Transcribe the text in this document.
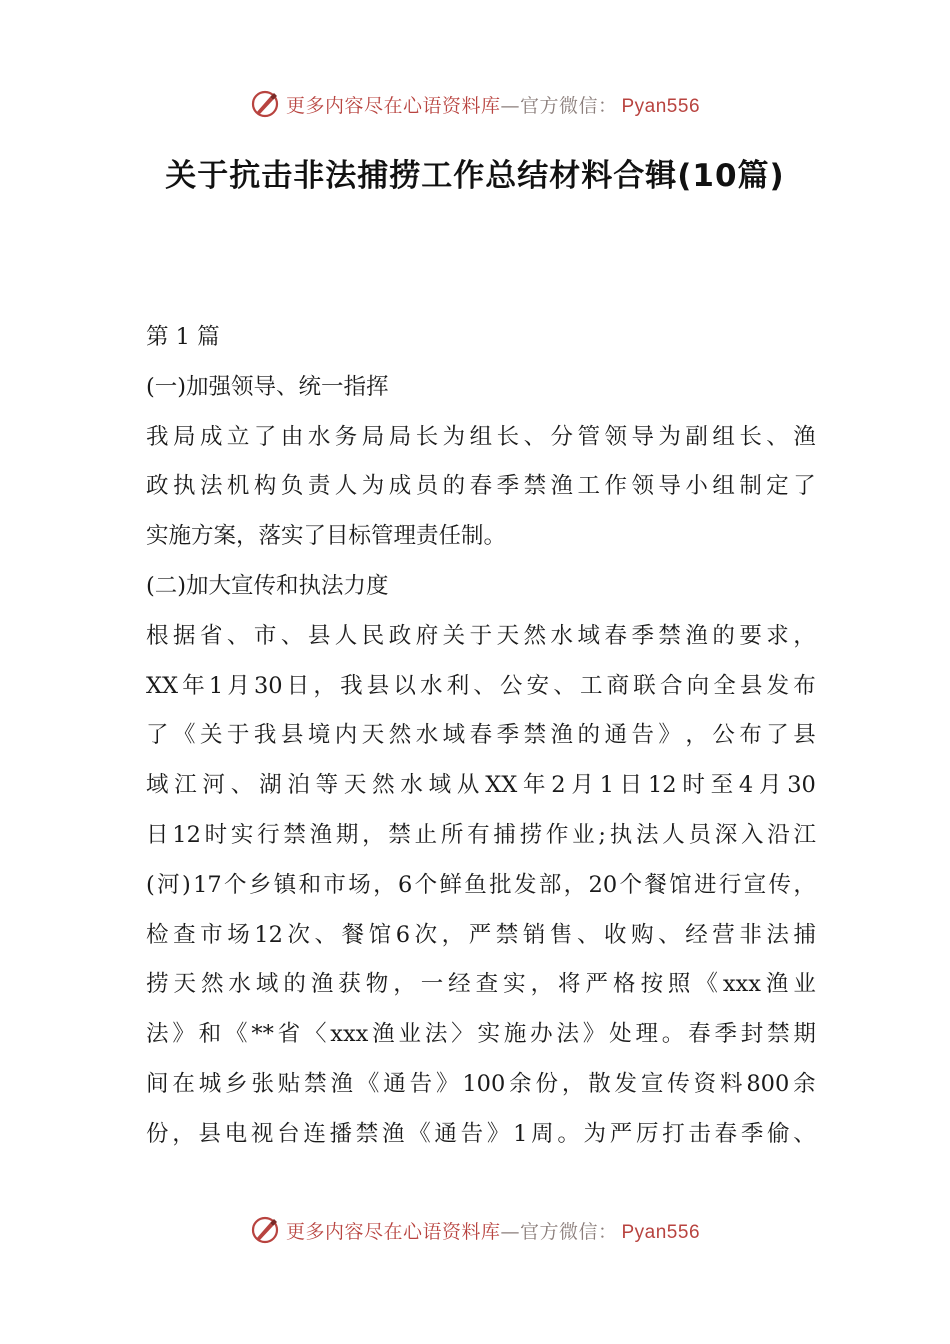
更多内容尽在心语资料库—官方微信： Pyan556
关于抗击非法捕捞工作总结材料合辑(10篇)
第 1 篇
(一)加强领导、统一指挥
我 局 成 立 了 由 水 务 局 局 长 为 组 长 、 分 管 领 导 为 副 组 长 、 渔
政 执 法 机 构 负 责 人 为 成 员 的 春 季 禁 渔 工 作 领 导 小 组 制 定 了
实施方案，落实了目标管理责任制。
(二)加大宣传和执法力度
根 据 省 、 市 、 县 人 民 政 府 关 于 天 然 水 域 春 季 禁 渔 的 要 求 ，
XX 年 1 月 30 日 ， 我 县 以 水 利 、 公 安 、 工 商 联 合 向 全 县 发 布
了 《 关 于 我 县 境 内 天 然 水 域 春 季 禁 渔 的 通 告 》 ， 公 布 了 县
域 江 河 、 湖 泊 等 天 然 水 域 从 XX 年 2 月 1 日 12 时 至 4 月 30
日 12 时 实 行 禁 渔 期 ， 禁 止 所 有 捕 捞 作 业 ; 执 法 人 员 深 入 沿 江
( 河 ) 17 个 乡 镇 和 市 场 ， 6 个 鲜 鱼 批 发 部 ， 20 个 餐 馆 进 行 宣 传 ，
检 查 市 场 12 次 、 餐 馆 6 次 ， 严 禁 销 售 、 收 购 、 经 营 非 法 捕
捞 天 然 水 域 的 渔 获 物 ， 一 经 查 实 ， 将 严 格 按 照 《 xxx 渔 业
法 》 和 《 ** 省 〈 xxx 渔 业 法 〉 实 施 办 法 》 处 理 。 春 季 封 禁 期
间 在 城 乡 张 贴 禁 渔 《 通 告 》 100 余 份 ， 散 发 宣 传 资 料 800 余
份 ， 县 电 视 台 连 播 禁 渔 《 通 告 》 1 周 。 为 严 厉 打 击 春 季 偷 、
更多内容尽在心语资料库—官方微信： Pyan556
